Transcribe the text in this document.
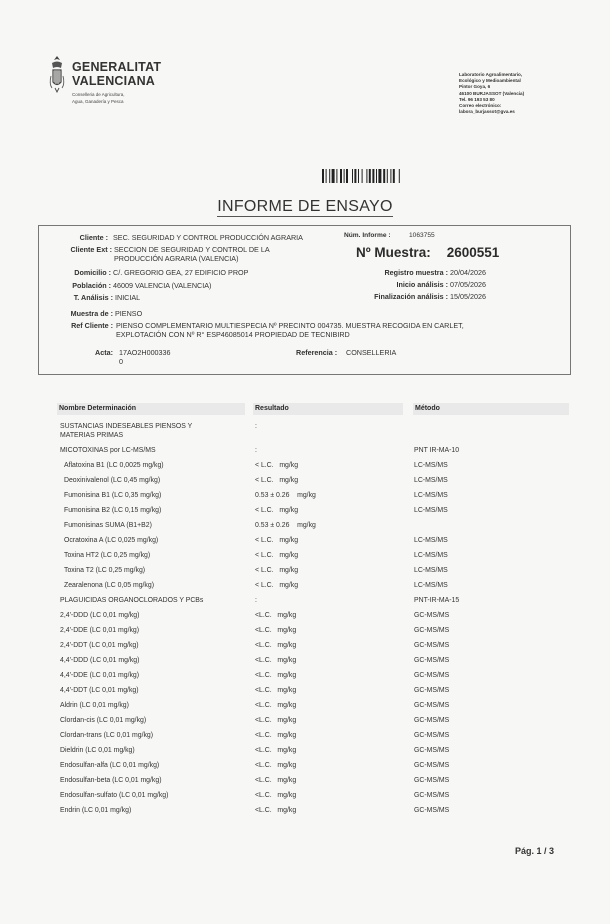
GENERALITAT
VALENCIANA
Conselleria de Agricultura,
Agua, Ganadería y Pesca
Laboratorio Agroalimentario,
Ecológico y Medioambiental
Pintor Goya, 6
46100 BURJASSOT (Valencia)
Tel. 96 193 53 80
Correo electrónico:
labora_burjassot@gva.es
INFORME DE ENSAYO
Cliente : SEC. SEGURIDAD Y CONTROL PRODUCCIÓN AGRARIA	Núm. Informe :	1063755
Cliente Ext : SECCION DE SEGURIDAD Y CONTROL DE LA
PRODUCCIÓN AGRARIA (VALENCIA)	Nº Muestra: 2600551
Domicilio : C/. GREGORIO GEA, 27 EDIFICIO PROP	Registro muestra : 20/04/2026
Población : 46009 VALENCIA (VALENCIA)	Inicio análisis : 07/05/2026
T. Análisis : INICIAL	Finalización análisis : 15/05/2026
Muestra de : PIENSO
Ref Cliente : PIENSO COMPLEMENTARIO MULTIESPECIA Nº PRECINTO 004735. MUESTRA RECOGIDA EN CARLET,
EXPLOTACIÓN CON Nº R° ESP46085014 PROPIEDAD DE TECNIBIRD
Acta: 17AO2H000336
0
Referencia : CONSELLERIA
Nombre Determinación	Resultado	Método
SUSTANCIAS INDESEABLES PIENSOS Y
MATERIAS PRIMAS
:
MICOTOXINAS por LC-MS/MS	:	PNT IR-MA-10
Aflatoxina B1 (LC 0,0025 mg/kg)	< L.C.   mg/kg	LC-MS/MS
Deoxinivalenol (LC 0,45 mg/kg)	< L.C.   mg/kg	LC-MS/MS
Fumonisina B1 (LC 0,35 mg/kg)	0.53 ± 0.26    mg/kg	LC-MS/MS
Fumonisina B2 (LC 0,15 mg/kg)	< L.C.   mg/kg	LC-MS/MS
Fumonisinas SUMA (B1+B2)	0.53 ± 0.26    mg/kg
Ocratoxina A (LC 0,025 mg/kg)	< L.C.   mg/kg	LC-MS/MS
Toxina HT2 (LC 0,25 mg/kg)	< L.C.   mg/kg	LC-MS/MS
Toxina T2 (LC 0,25 mg/kg)	< L.C.   mg/kg	LC-MS/MS
Zearalenona (LC 0,05 mg/kg)	< L.C.   mg/kg	LC-MS/MS
PLAGUICIDAS ORGANOCLORADOS Y PCBs	:	PNT-IR-MA-15
2,4'-DDD (LC 0,01 mg/kg)	<L.C.   mg/kg	GC-MS/MS
2,4'-DDE (LC 0,01 mg/kg)	<L.C.   mg/kg	GC-MS/MS
2,4'-DDT (LC 0,01 mg/kg)	<L.C.   mg/kg	GC-MS/MS
4,4'-DDD (LC 0,01 mg/kg)	<L.C.   mg/kg	GC-MS/MS
4,4'-DDE (LC 0,01 mg/kg)	<L.C.   mg/kg	GC-MS/MS
4,4'-DDT (LC 0,01 mg/kg)	<L.C.   mg/kg	GC-MS/MS
Aldrin (LC 0,01 mg/kg)	<L.C.   mg/kg	GC-MS/MS
Clordan-cis (LC 0,01 mg/kg)	<L.C.   mg/kg	GC-MS/MS
Clordan-trans (LC 0,01 mg/kg)	<L.C.   mg/kg	GC-MS/MS
Dieldrin (LC 0,01 mg/kg)	<L.C.   mg/kg	GC-MS/MS
Endosulfan-alfa (LC 0,01 mg/kg)	<L.C.   mg/kg	GC-MS/MS
Endosulfan-beta (LC 0,01 mg/kg)	<L.C.   mg/kg	GC-MS/MS
Endosulfan-sulfato (LC 0,01 mg/kg)	<L.C.   mg/kg	GC-MS/MS
Endrin (LC 0,01 mg/kg)	<L.C.   mg/kg	GC-MS/MS
Pág. 1 / 3
